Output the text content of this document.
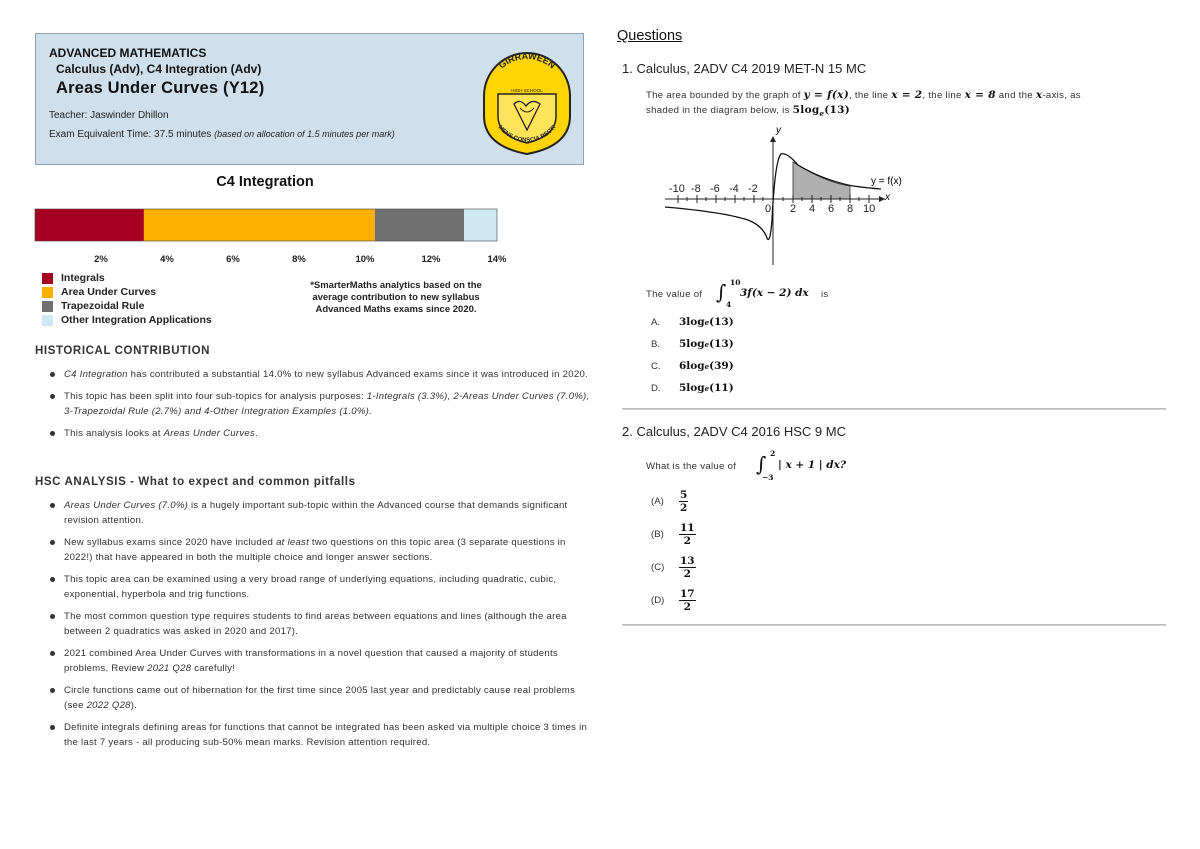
ADVANCED MATHEMATICS
Calculus (Adv), C4 Integration (Adv)
Areas Under Curves (Y12)
Teacher: Jaswinder Dhillon
Exam Equivalent Time: 37.5 minutes (based on allocation of 1.5 minutes per mark)
GIRRAWEEN
HIGH SCHOOL
MENS CONSCIA RECTI
C4 Integration
2%	4%	6%	8%	10%	12%	14%
Integrals
Area Under Curves
Trapezoidal Rule
Other Integration Applications
*SmarterMaths analytics based on the average contribution to new syllabus Advanced Maths exams since 2020.
HISTORICAL CONTRIBUTION
C4 Integration has contributed a substantial 14.0% to new syllabus Advanced exams since it was introduced in 2020.
This topic has been split into four sub-topics for analysis purposes: 1-Integrals (3.3%), 2-Areas Under Curves (7.0%), 3-Trapezoidal Rule (2.7%) and 4-Other Integration Examples (1.0%).
This analysis looks at Areas Under Curves.
HSC ANALYSIS - What to expect and common pitfalls
Areas Under Curves (7.0%) is a hugely important sub-topic within the Advanced course that demands significant revision attention.
New syllabus exams since 2020 have included at least two questions on this topic area (3 separate questions in 2022!) that have appeared in both the multiple choice and longer answer sections.
This topic area can be examined using a very broad range of underlying equations, including quadratic, cubic, exponential, hyperbola and trig functions.
The most common question type requires students to find areas between equations and lines (although the area between 2 quadratics was asked in 2020 and 2017).
2021 combined Area Under Curves with transformations in a novel question that caused a majority of students problems. Review 2021 Q28 carefully!
Circle functions came out of hibernation for the first time since 2005 last year and predictably cause real problems (see 2022 Q28).
Definite integrals defining areas for functions that cannot be integrated has been asked via multiple choice 3 times in the last 7 years - all producing sub-50% mean marks. Revision attention required.
Questions
1. Calculus, 2ADV C4 2019 MET-N 15 MC
The area bounded by the graph of y = f(x), the line x = 2, the line x = 8 and the x-axis, as
shaded in the diagram below, is $5\log_e(13)$
y
x
y = f(x)
-10 -8 -6 -4 -2
0 2 4 6 8 10
The value of ∫ 10
4
3f(x − 2) dx is
A.	3log e (13)
B.	5log e (13)
C.	6log e (39)
D.	5log e (11)
2. Calculus, 2ADV C4 2016 HSC 9 MC
What is the value of ∫ 2
−3
| x + 1 | dx?
(A)	$\frac{5}{2}$
(B)	$\frac{11}{2}$
(C)	$\frac{13}{2}$
(D)	$\frac{17}{2}$
